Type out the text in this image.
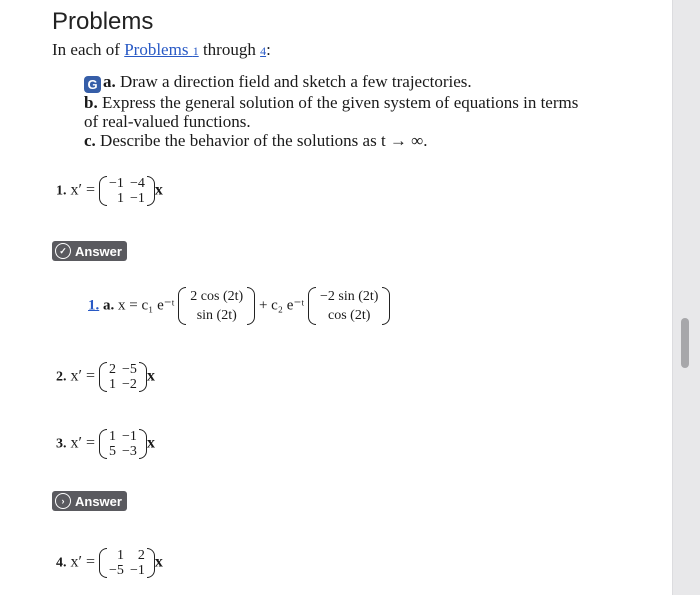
Problems
In each of Problems 1 through 4:
G a. Draw a direction field and sketch a few trajectories.
b. Express the general solution of the given system of equations in terms of real-valued functions.
c. Describe the behavior of the solutions as t → ∞.
1. x′ = −1 −4
1 −1 x
✓ Answer
1. a. x = c₁ e⁻ᵗ
2 cos (2t)
sin (2t)
+ c₂ e⁻ᵗ
−2 sin (2t)
cos (2t)
2. x′ = 2 −5
1 −2 x
3. x′ = 1 −1
5 −3 x
› Answer
4. x′ =	1 2
−5 −1 x
